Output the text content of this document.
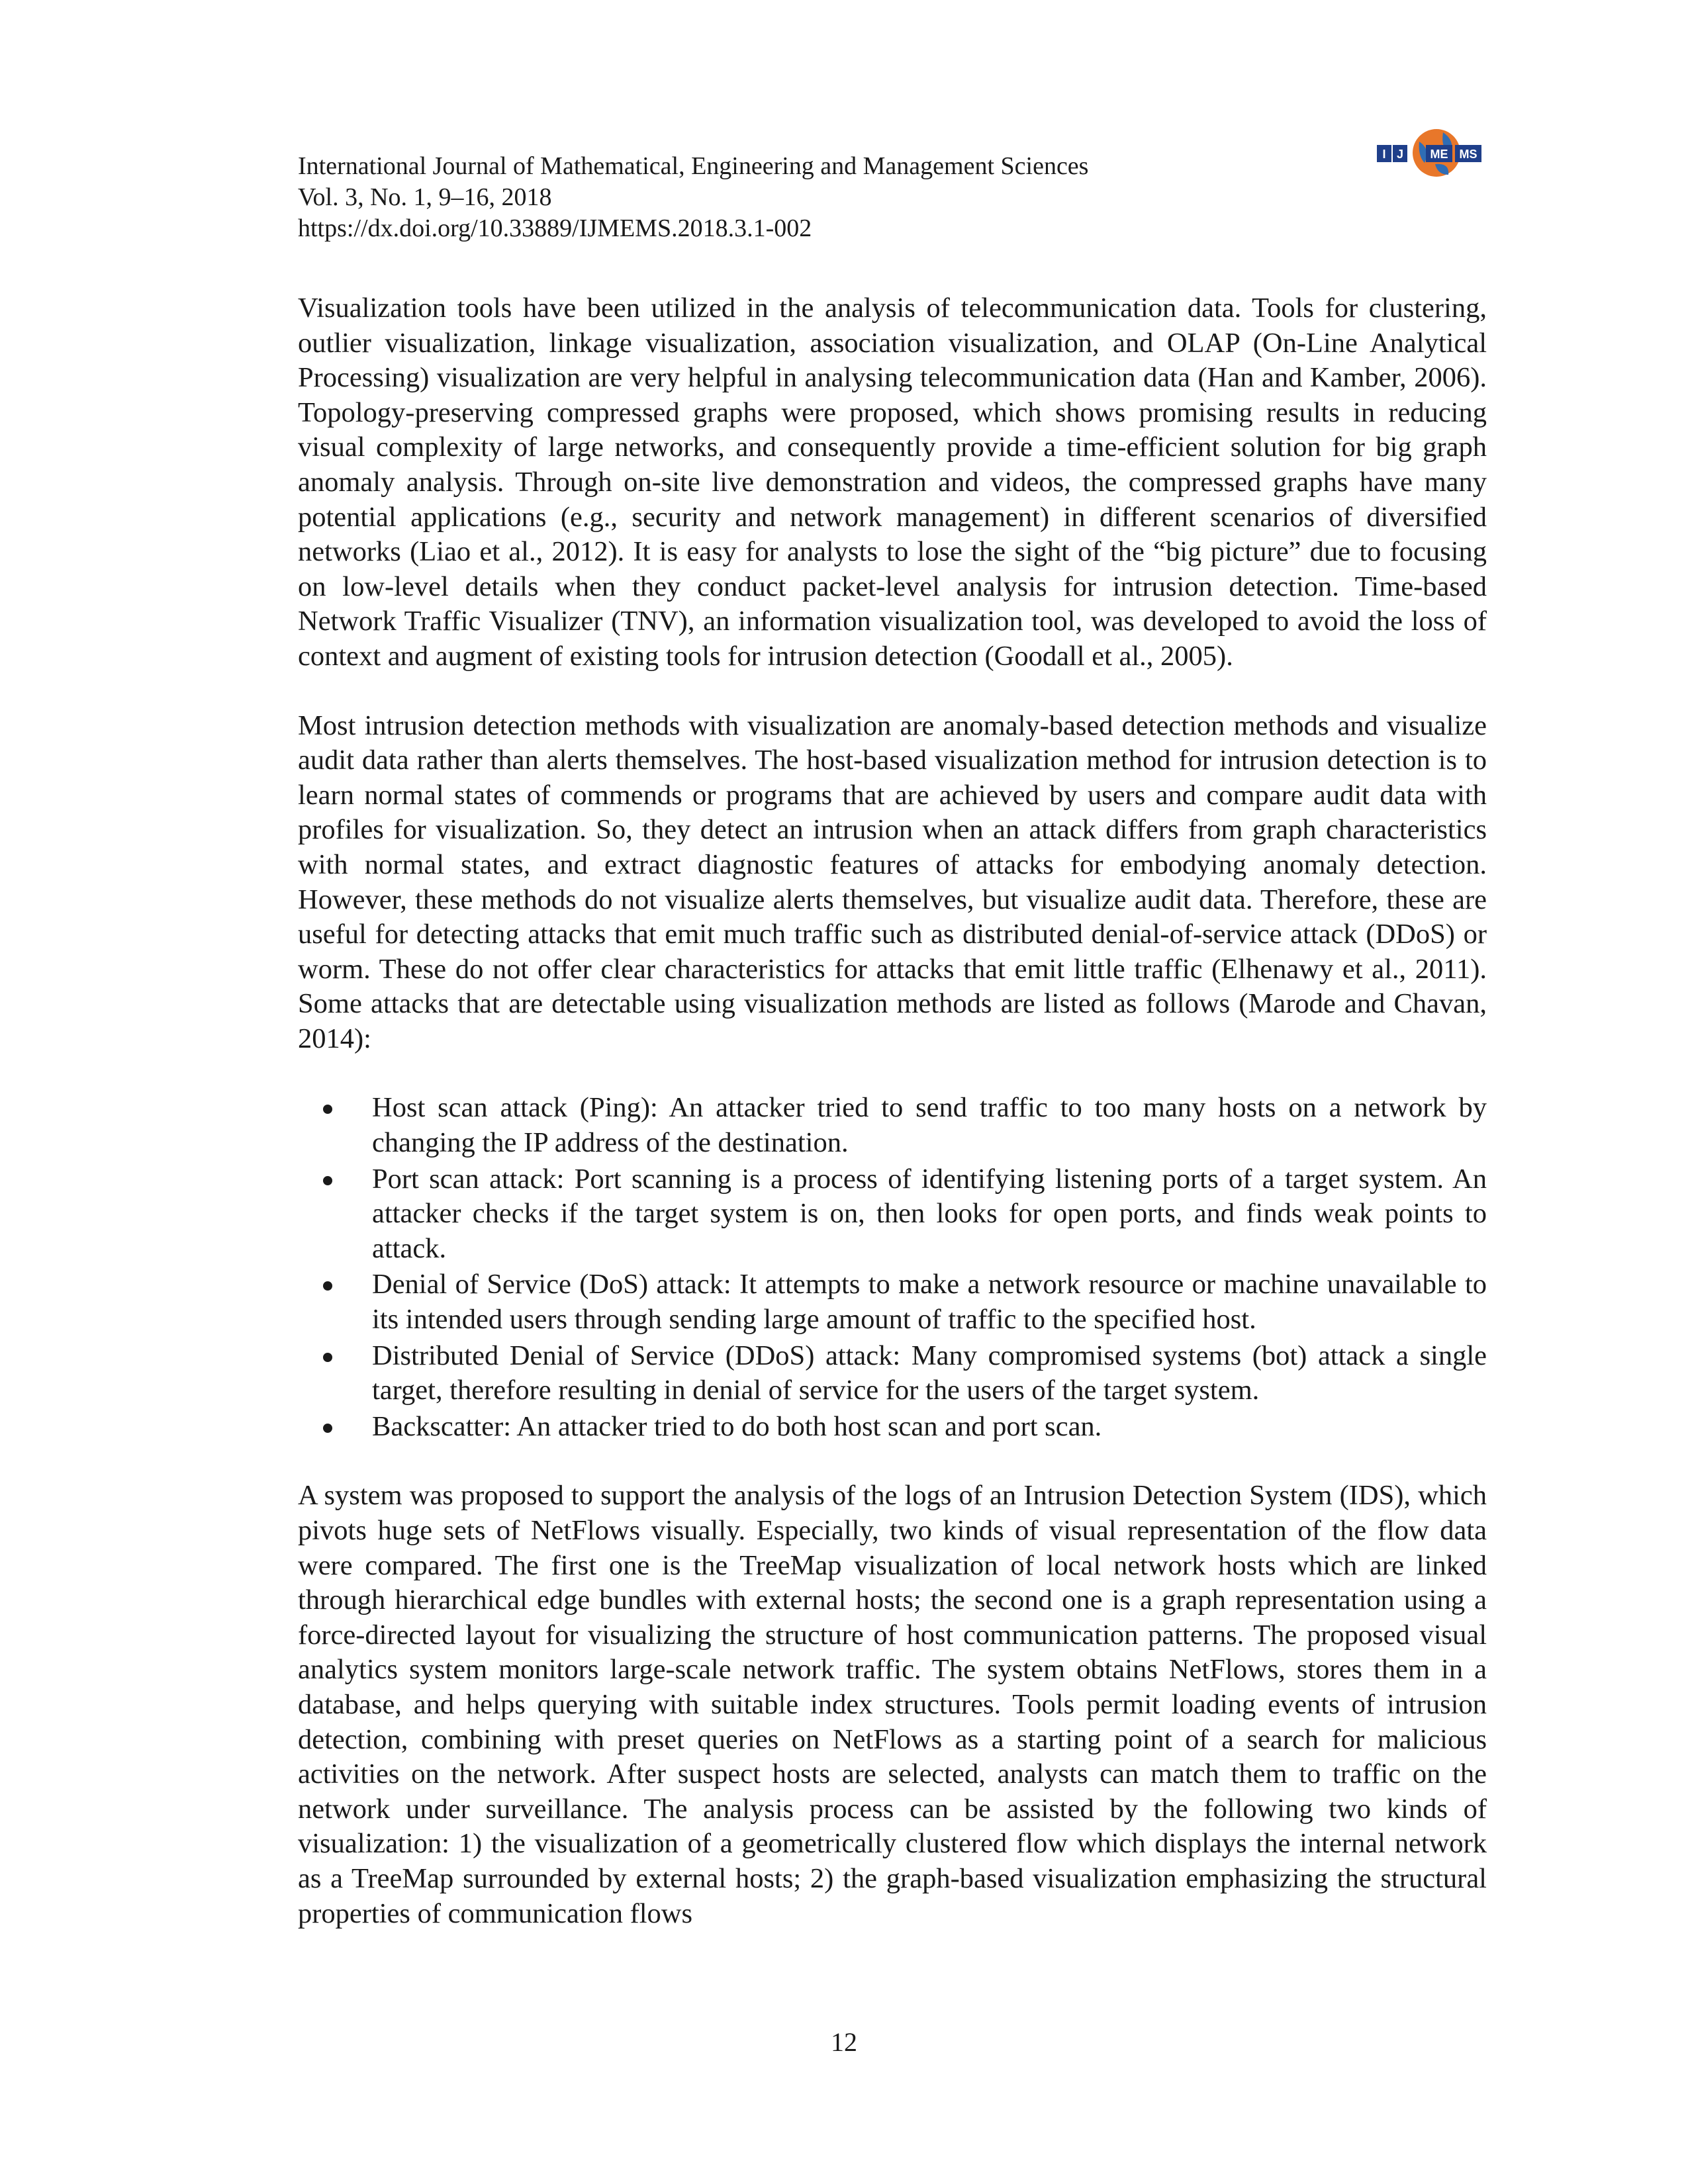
International Journal of Mathematical, Engineering and Management Sciences
Vol. 3, No. 1, 9–16, 2018
https://dx.doi.org/10.33889/IJMEMS.2018.3.1-002
I J ME MS

Visualization tools have been utilized in the analysis of telecommunication data. Tools for clustering, outlier visualization, linkage visualization, association visualization, and OLAP (On-Line Analytical Processing) visualization are very helpful in analysing telecommunication data (Han and Kamber, 2006). Topology-preserving compressed graphs were proposed, which shows promising results in reducing visual complexity of large networks, and consequently provide a time-efficient solution for big graph anomaly analysis. Through on-site live demonstration and videos, the compressed graphs have many potential applications (e.g., security and network management) in different scenarios of diversified networks (Liao et al., 2012). It is easy for analysts to lose the sight of the “big picture” due to focusing on low-level details when they conduct packet-level analysis for intrusion detection. Time-based Network Traffic Visualizer (TNV), an information visualization tool, was developed to avoid the loss of context and augment of existing tools for intrusion detection (Goodall et al., 2005).

Most intrusion detection methods with visualization are anomaly-based detection methods and visualize audit data rather than alerts themselves. The host-based visualization method for intrusion detection is to learn normal states of commends or programs that are achieved by users and compare audit data with profiles for visualization. So, they detect an intrusion when an attack differs from graph characteristics with normal states, and extract diagnostic features of attacks for embodying anomaly detection. However, these methods do not visualize alerts themselves, but visualize audit data. Therefore, these are useful for detecting attacks that emit much traffic such as distributed denial-of-service attack (DDoS) or worm. These do not offer clear characteristics for attacks that emit little traffic (Elhenawy et al., 2011). Some attacks that are detectable using visualization methods are listed as follows (Marode and Chavan, 2014):

Host scan attack (Ping): An attacker tried to send traffic to too many hosts on a network by changing the IP address of the destination.
Port scan attack: Port scanning is a process of identifying listening ports of a target system. An attacker checks if the target system is on, then looks for open ports, and finds weak points to attack.
Denial of Service (DoS) attack: It attempts to make a network resource or machine unavailable to its intended users through sending large amount of traffic to the specified host.
Distributed Denial of Service (DDoS) attack: Many compromised systems (bot) attack a single target, therefore resulting in denial of service for the users of the target system.
Backscatter: An attacker tried to do both host scan and port scan.

A system was proposed to support the analysis of the logs of an Intrusion Detection System (IDS), which pivots huge sets of NetFlows visually. Especially, two kinds of visual representation of the flow data were compared. The first one is the TreeMap visualization of local network hosts which are linked through hierarchical edge bundles with external hosts; the second one is a graph representation using a force-directed layout for visualizing the structure of host communication patterns. The proposed visual analytics system monitors large-scale network traffic. The system obtains NetFlows, stores them in a database, and helps querying with suitable index structures. Tools permit loading events of intrusion detection, combining with preset queries on NetFlows as a starting point of a search for malicious activities on the network. After suspect hosts are selected, analysts can match them to traffic on the network under surveillance. The analysis process can be assisted by the following two kinds of visualization: 1) the visualization of a geometrically clustered flow which displays the internal network as a TreeMap surrounded by external hosts; 2) the graph-based visualization emphasizing the structural properties of communication flows

12
